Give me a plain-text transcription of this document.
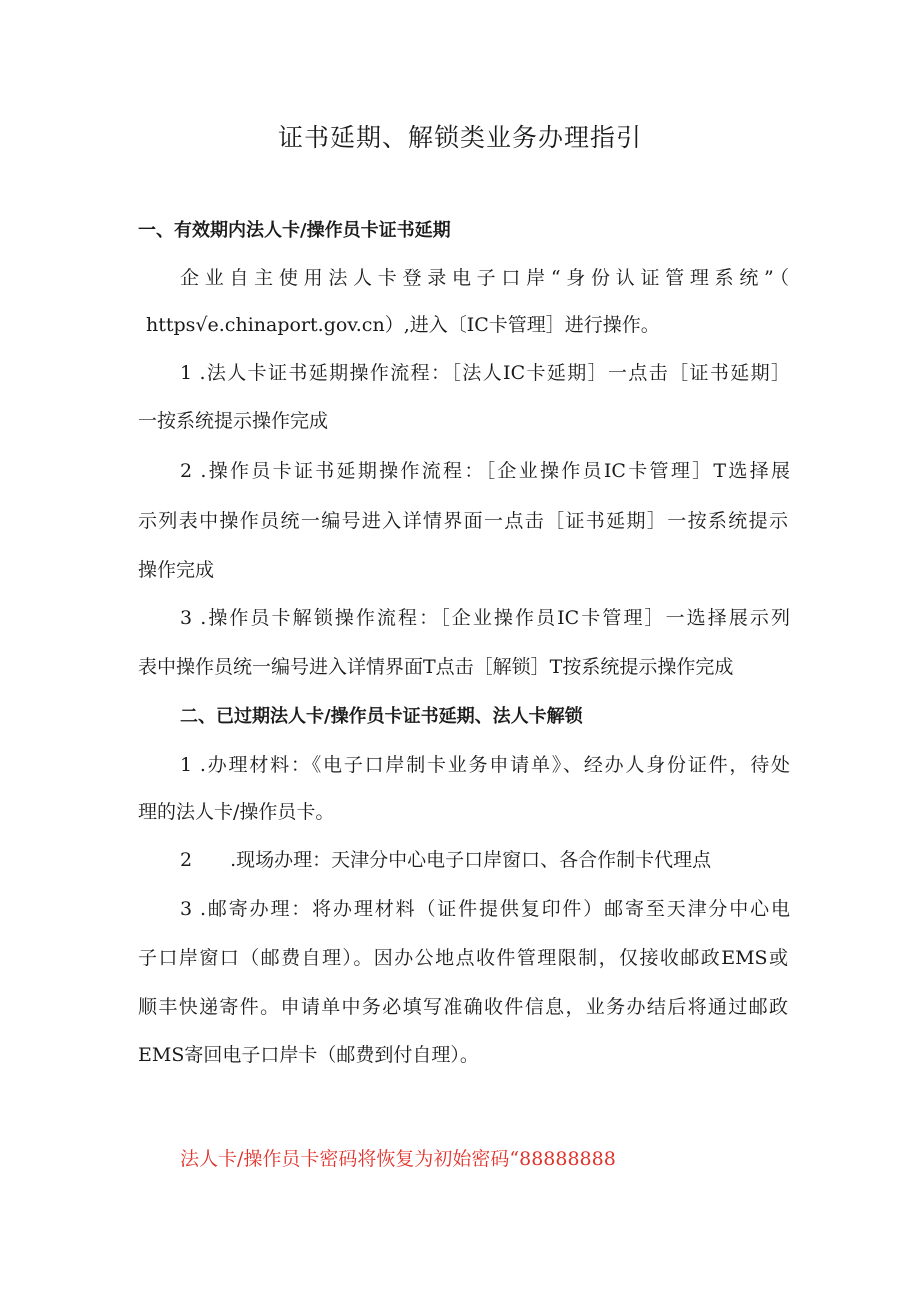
证书延期、解锁类业务办理指引
一、有效期内法人卡/操作员卡证书延期
企业自主使用法人卡登录电子口岸“身份认证管理系统”（
https√e.chinaport.gov.cn）,进入〔IC卡管理］进行操作。
1 .法人卡证书延期操作流程：［法人IC卡延期］一点击［证书延期］
一按系统提示操作完成
2 .操作员卡证书延期操作流程：［企业操作员IC卡管理］T选择展
示列表中操作员统一编号进入详情界面一点击［证书延期］一按系统提示
操作完成
3 .操作员卡解锁操作流程：［企业操作员IC卡管理］一选择展示列
表中操作员统一编号进入详情界面T点击［解锁］T按系统提示操作完成
二、已过期法人卡/操作员卡证书延期、法人卡解锁
1 .办理材料：《电子口岸制卡业务申请单》、经办人身份证件，待处
理的法人卡/操作员卡。
2　　.现场办理：天津分中心电子口岸窗口、各合作制卡代理点
3 .邮寄办理：将办理材料（证件提供复印件）邮寄至天津分中心电
子口岸窗口（邮费自理）。因办公地点收件管理限制，仅接收邮政EMS或
顺丰快递寄件。申请单中务必填写准确收件信息，业务办结后将通过邮政
EMS寄回电子口岸卡（邮费到付自理）。
法人卡/操作员卡密码将恢复为初始密码“88888888
